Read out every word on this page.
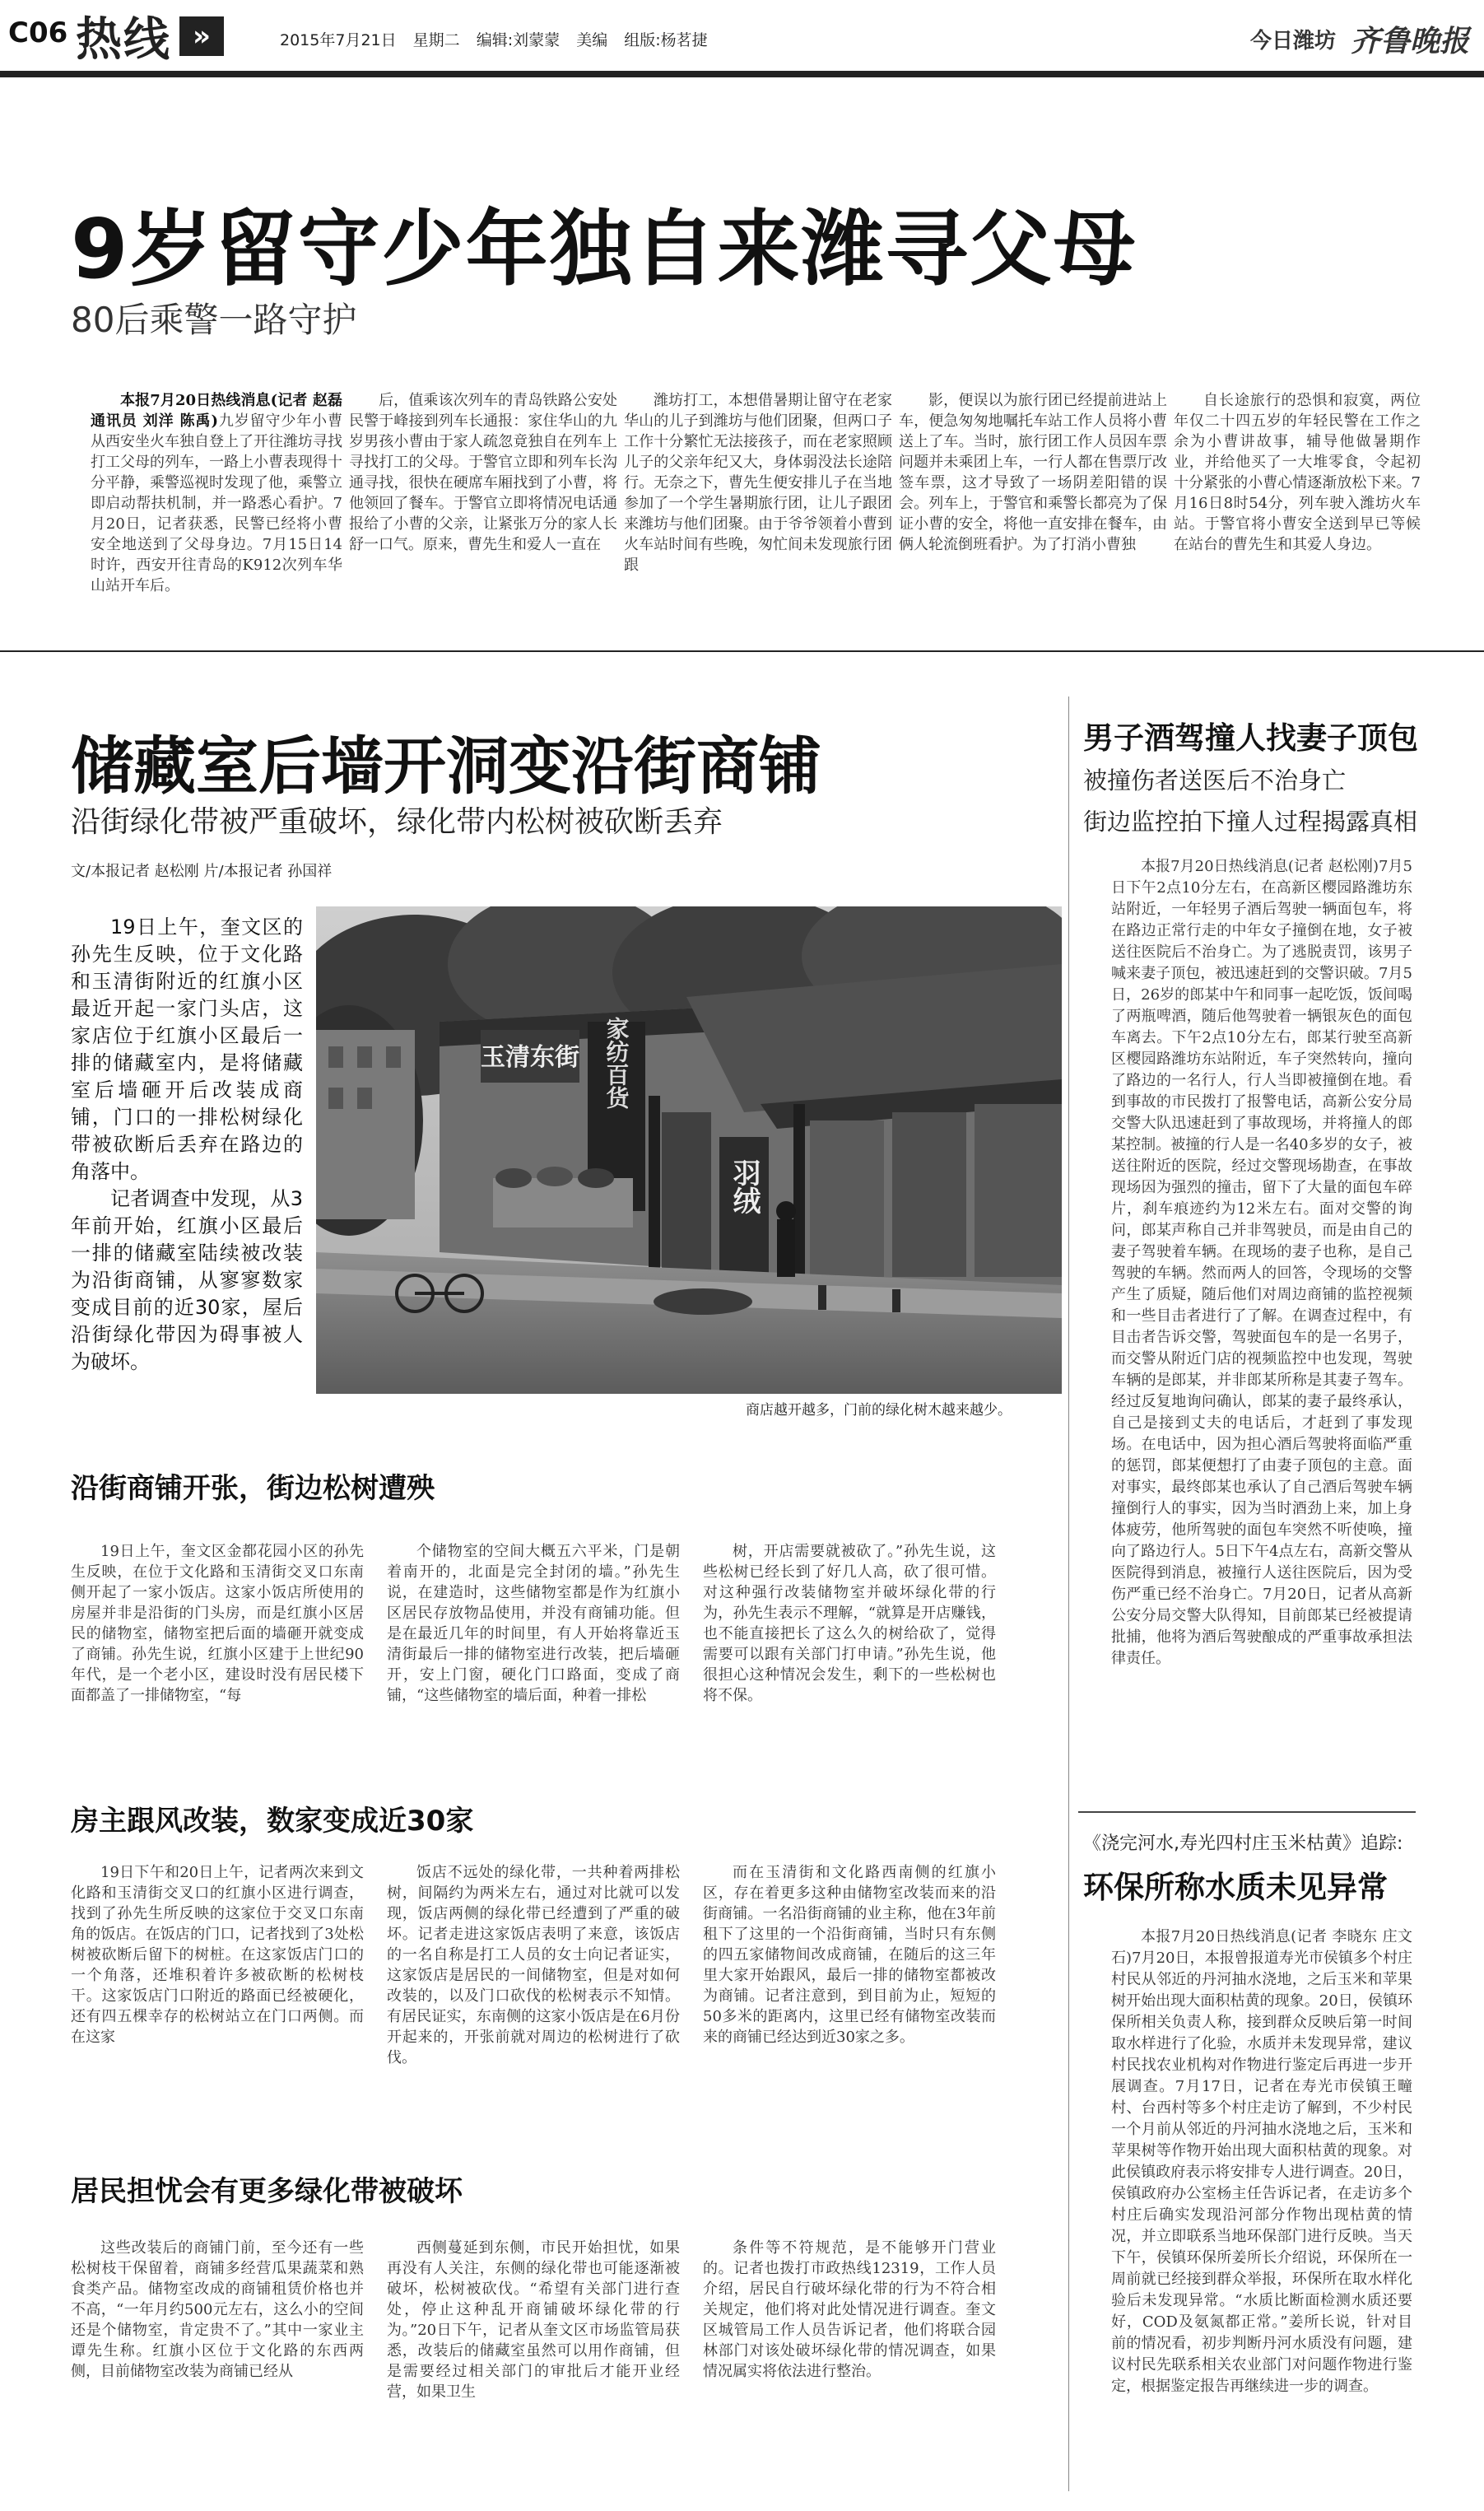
C06 热线 »	2015年7月21日 星期二 编辑:刘蒙蒙 美编 组版:杨茗捷	今日潍坊 齐鲁晚报
9岁留守少年独自来潍寻父母
80后乘警一路守护

本报7月20日热线消息(记者 赵磊 通讯员 刘洋 陈禹)九岁留守少年小曹从西安坐火车独自登上了开往潍坊寻找打工父母的列车，一路上小曹表现得十分平静，乘警巡视时发现了他，乘警立即启动帮扶机制，并一路悉心看护。7月20日，记者获悉，民警已经将小曹安全地送到了父母身边。7月15日14时许，西安开往青岛的K912次列车华山站开车后。

后，值乘该次列车的青岛铁路公安处民警于峰接到列车长通报：家住华山的九岁男孩小曹由于家人疏忽竟独自在列车上寻找打工的父母。于警官立即和列车长沟通寻找，很快在硬席车厢找到了小曹，将他领回了餐车。于警官立即将情况电话通报给了小曹的父亲，让紧张万分的家人长舒一口气。原来，曹先生和爱人一直在

潍坊打工，本想借暑期让留守在老家华山的儿子到潍坊与他们团聚，但两口子工作十分繁忙无法接孩子，而在老家照顾儿子的父亲年纪又大，身体弱没法长途陪行。无奈之下，曹先生便安排儿子在当地参加了一个学生暑期旅行团，让儿子跟团来潍坊与他们团聚。由于爷爷领着小曹到火车站时间有些晚，匆忙间未发现旅行团跟

影，便误以为旅行团已经提前进站上车，便急匆匆地嘱托车站工作人员将小曹送上了车。当时，旅行团工作人员因车票问题并未乘团上车，一行人都在售票厅改签车票，这才导致了一场阴差阳错的误会。列车上，于警官和乘警长都亮为了保证小曹的安全，将他一直安排在餐车，由俩人轮流倒班看护。为了打消小曹独

自长途旅行的恐惧和寂寞，两位年仅二十四五岁的年轻民警在工作之余为小曹讲故事，辅导他做暑期作业，并给他买了一大堆零食，令起初十分紧张的小曹心情逐渐放松下来。7月16日8时54分，列车驶入潍坊火车站。于警官将小曹安全送到早已等候在站台的曹先生和其爱人身边。

储藏室后墙开洞变沿街商铺
沿街绿化带被严重破坏，绿化带内松树被砍断丢弃
文/本报记者 赵松刚 片/本报记者 孙国祥

19日上午，奎文区的孙先生反映，位于文化路和玉清街附近的红旗小区最近开起一家门头店，这家店位于红旗小区最后一排的储藏室内，是将储藏室后墙砸开后改装成商铺，门口的一排松树绿化带被砍断后丢弃在路边的角落中。

记者调查中发现，从3年前开始，红旗小区最后一排的储藏室陆续被改装为沿街商铺，从寥寥数家变成目前的近30家，屋后沿街绿化带因为碍事被人为破坏。

玉清东街 家纺百货
羽绒
商店越开越多，门前的绿化树木越来越少。
沿街商铺开张，街边松树遭殃

19日上午，奎文区金都花园小区的孙先生反映，在位于文化路和玉清街交叉口东南侧开起了一家小饭店。这家小饭店所使用的房屋并非是沿街的门头房，而是红旗小区居民的储物室，储物室把后面的墙砸开就变成了商铺。孙先生说，红旗小区建于上世纪90年代，是一个老小区，建设时没有居民楼下面都盖了一排储物室，“每

个储物室的空间大概五六平米，门是朝着南开的，北面是完全封闭的墙。”孙先生说，在建造时，这些储物室都是作为红旗小区居民存放物品使用，并没有商铺功能。但是在最近几年的时间里，有人开始将靠近玉清街最后一排的储物室进行改装，把后墙砸开，安上门窗，硬化门口路面，变成了商铺，“这些储物室的墙后面，种着一排松

树，开店需要就被砍了。”孙先生说，这些松树已经长到了好几人高，砍了很可惜。对这种强行改装储物室并破坏绿化带的行为，孙先生表示不理解，“就算是开店赚钱，也不能直接把长了这么久的树给砍了，觉得需要可以跟有关部门打申请。”孙先生说，他很担心这种情况会发生，剩下的一些松树也将不保。

房主跟风改装，数家变成近30家

19日下午和20日上午，记者两次来到文化路和玉清街交叉口的红旗小区进行调查，找到了孙先生所反映的这家位于交叉口东南角的饭店。在饭店的门口，记者找到了3处松树被砍断后留下的树桩。在这家饭店门口的一个角落，还堆积着许多被砍断的松树枝干。这家饭店门口附近的路面已经被硬化，还有四五棵幸存的松树站立在门口两侧。而在这家

饭店不远处的绿化带，一共种着两排松树，间隔约为两米左右，通过对比就可以发现，饭店两侧的绿化带已经遭到了严重的破坏。记者走进这家饭店表明了来意，该饭店的一名自称是打工人员的女士向记者证实，这家饭店是居民的一间储物室，但是对如何改装的，以及门口砍伐的松树表示不知情。有居民证实，东南侧的这家小饭店是在6月份开起来的，开张前就对周边的松树进行了砍伐。

而在玉清街和文化路西南侧的红旗小区，存在着更多这种由储物室改装而来的沿街商铺。一名沿街商铺的业主称，他在3年前租下了这里的一个沿街商铺，当时只有东侧的四五家储物间改成商铺，在随后的这三年里大家开始跟风，最后一排的储物室都被改为商铺。记者注意到，到目前为止，短短的50多米的距离内，这里已经有储物室改装而来的商铺已经达到近30家之多。

居民担忧会有更多绿化带被破坏

这些改装后的商铺门前，至今还有一些松树枝干保留着，商铺多经营瓜果蔬菜和熟食类产品。储物室改成的商铺租赁价格也并不高，“一年月约500元左右，这么小的空间还是个储物室，肯定贵不了。”其中一家业主谭先生称。红旗小区位于文化路的东西两侧，目前储物室改装为商铺已经从

西侧蔓延到东侧，市民开始担忧，如果再没有人关注，东侧的绿化带也可能逐渐被破坏，松树被砍伐。“希望有关部门进行查处，停止这种乱开商铺破坏绿化带的行为。”20日下午，记者从奎文区市场监管局获悉，改装后的储藏室虽然可以用作商铺，但是需要经过相关部门的审批后才能开业经营，如果卫生

条件等不符规范，是不能够开门营业的。记者也拨打市政热线12319，工作人员介绍，居民自行破坏绿化带的行为不符合相关规定，他们将对此处情况进行调查。奎文区城管局工作人员告诉记者，他们将联合园林部门对该处破坏绿化带的情况调查，如果情况属实将依法进行整治。

男子酒驾撞人找妻子顶包
被撞伤者送医后不治身亡
街边监控拍下撞人过程揭露真相

本报7月20日热线消息(记者 赵松刚)7月5日下午2点10分左右，在高新区樱园路潍坊东站附近，一年轻男子酒后驾驶一辆面包车，将在路边正常行走的中年女子撞倒在地，女子被送往医院后不治身亡。为了逃脱责罚，该男子喊来妻子顶包，被迅速赶到的交警识破。7月5日，26岁的郎某中午和同事一起吃饭，饭间喝了两瓶啤酒，随后他驾驶着一辆银灰色的面包车离去。下午2点10分左右，郎某行驶至高新区樱园路潍坊东站附近，车子突然转向，撞向了路边的一名行人，行人当即被撞倒在地。看到事故的市民拨打了报警电话，高新公安分局交警大队迅速赶到了事故现场，并将撞人的郎某控制。被撞的行人是一名40多岁的女子，被送往附近的医院，经过交警现场勘查，在事故现场因为强烈的撞击，留下了大量的面包车碎片，刹车痕迹约为12米左右。面对交警的询问，郎某声称自己并非驾驶员，而是由自己的妻子驾驶着车辆。在现场的妻子也称，是自己驾驶的车辆。然而两人的回答，令现场的交警产生了质疑，随后他们对周边商铺的监控视频和一些目击者进行了了解。在调查过程中，有目击者告诉交警，驾驶面包车的是一名男子，而交警从附近门店的视频监控中也发现，驾驶车辆的是郎某，并非郎某所称是其妻子驾车。经过反复地询问确认，郎某的妻子最终承认，自己是接到丈夫的电话后，才赶到了事发现场。在电话中，因为担心酒后驾驶将面临严重的惩罚，郎某便想打了由妻子顶包的主意。面对事实，最终郎某也承认了自己酒后驾驶车辆撞倒行人的事实，因为当时酒劲上来，加上身体疲劳，他所驾驶的面包车突然不听使唤，撞向了路边行人。5日下午4点左右，高新交警从医院得到消息，被撞行人送往医院后，因为受伤严重已经不治身亡。7月20日，记者从高新公安分局交警大队得知，目前郎某已经被提请批捕，他将为酒后驾驶酿成的严重事故承担法律责任。

《浇完河水,寿光四村庄玉米枯黄》追踪:
环保所称水质未见异常

本报7月20日热线消息(记者 李晓东 庄文石)7月20日，本报曾报道寿光市侯镇多个村庄村民从邻近的丹河抽水浇地，之后玉米和苹果树开始出现大面积枯黄的现象。20日，侯镇环保所相关负责人称，接到群众反映后第一时间取水样进行了化验，水质并未发现异常，建议村民找农业机构对作物进行鉴定后再进一步开展调查。7月17日，记者在寿光市侯镇王疃村、台西村等多个村庄走访了解到，不少村民一个月前从邻近的丹河抽水浇地之后，玉米和苹果树等作物开始出现大面积枯黄的现象。对此侯镇政府表示将安排专人进行调查。20日，侯镇政府办公室杨主任告诉记者，在走访多个村庄后确实发现沿河部分作物出现枯黄的情况，并立即联系当地环保部门进行反映。当天下午，侯镇环保所姜所长介绍说，环保所在一周前就已经接到群众举报，环保所在取水样化验后未发现异常。“水质比断面检测水质还要好，COD及氨氮都正常。”姜所长说，针对目前的情况看，初步判断丹河水质没有问题，建议村民先联系相关农业部门对问题作物进行鉴定，根据鉴定报告再继续进一步的调查。
